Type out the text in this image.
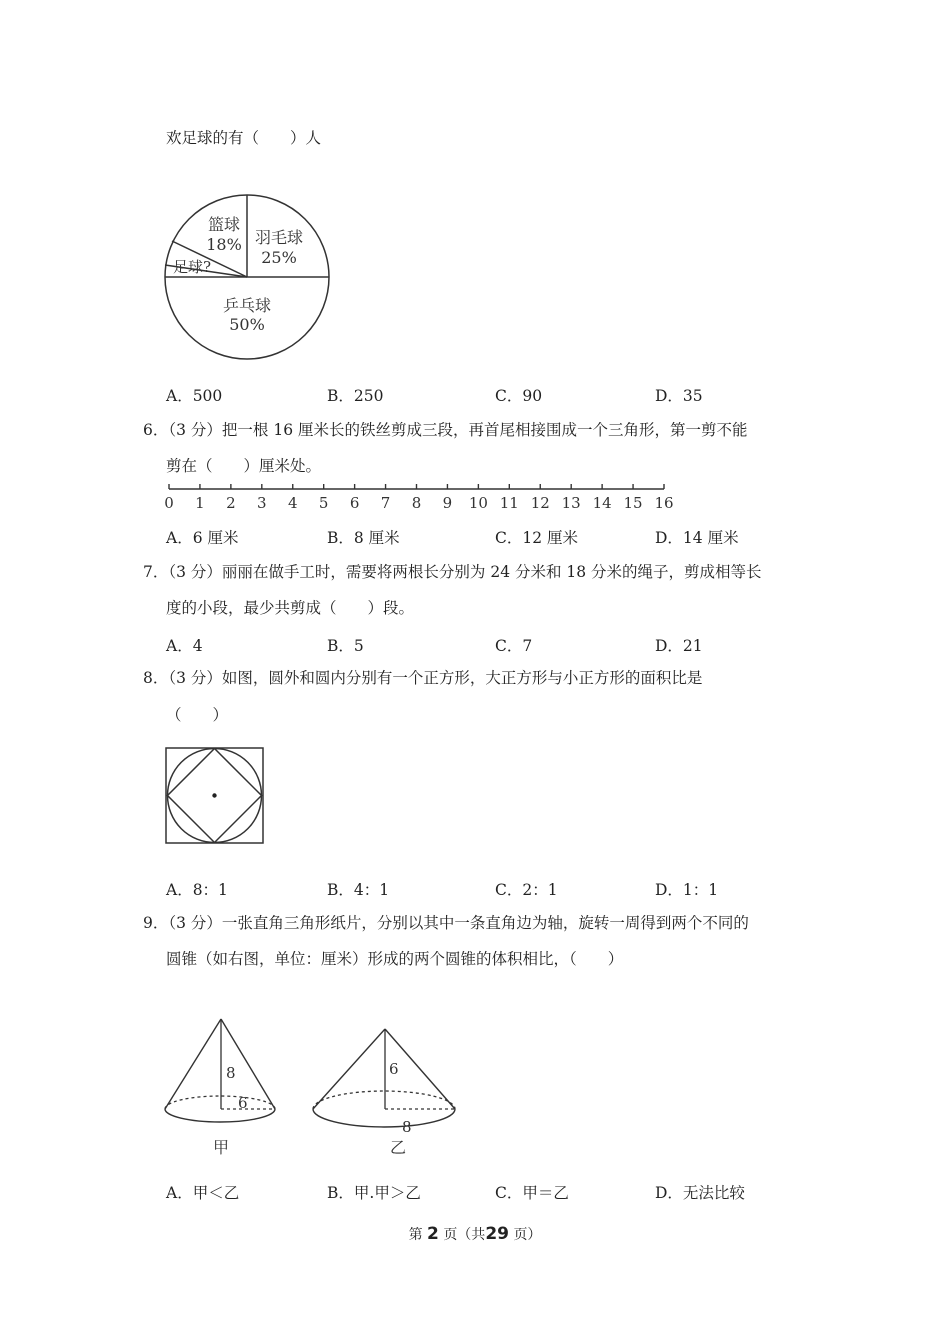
欢足球的有（　　）人
篮球
18% 羽毛球
25%
足球?
乒乓球
50%
A．500	B．250	C．90	D．35
6．（3 分）把一根 16 厘米长的铁丝剪成三段，再首尾相接围成一个三角形，第一剪不能
剪在（　　）厘米处。
0 1 2 3 4 5 6 7 8 9 10 11 12 13 14 15 16
A．6 厘米	B．8 厘米	C．12 厘米	D．14 厘米
7．（3 分）丽丽在做手工时，需要将两根长分别为 24 分米和 18 分米的绳子，剪成相等长
度的小段，最少共剪成（　　）段。
A．4	B．5	C．7	D．21
8．（3 分）如图，圆外和圆内分别有一个正方形，大正方形与小正方形的面积比是
（　　）
A．8：1	B．4：1	C．2：1	D．1：1
9．（3 分）一张直角三角形纸片，分别以其中一条直角边为轴，旋转一周得到两个不同的
圆锥（如右图，单位：厘米）形成的两个圆锥的体积相比，（　　）
8
6
甲
6
8
乙
A．甲＜乙	B．甲.甲＞乙	C．甲＝乙	D．无法比较
第 2 页（共29 页）
